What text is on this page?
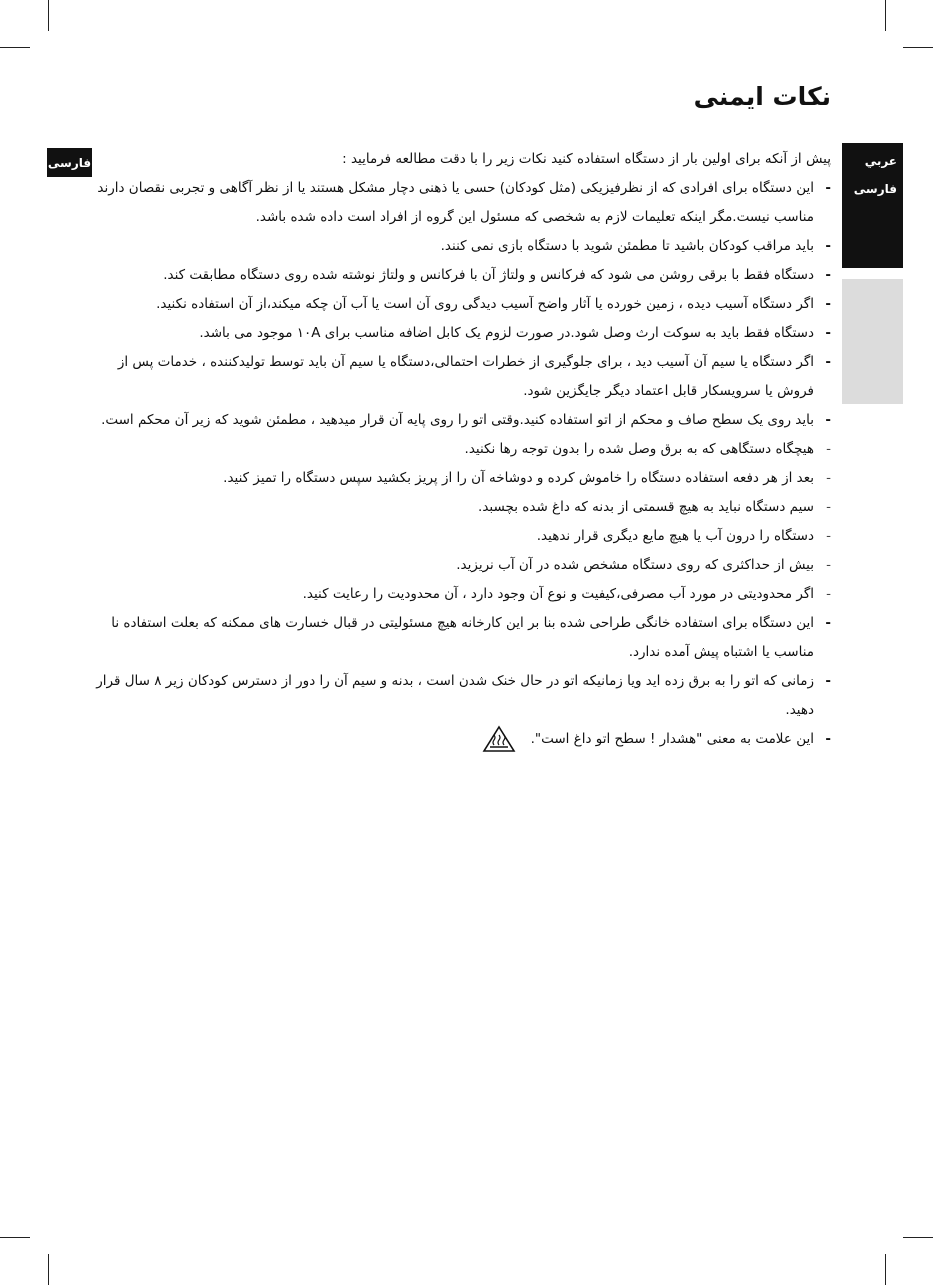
نکات ایمنی
عربي
فارسی
فارسی	پیش از آنکه برای اولین بار از دستگاه استفاده کنید نکات زیر را با دقت مطالعه فرمایید :

-
این دستگاه برای افرادی که از نظرفیزیکی (مثل کودکان) حسی یا ذهنی دچار مشکل هستند یا از نظر آگاهی و تجربی نقصان دارند مناسب نیست.مگر اینکه تعلیمات لازم به شخصی که مسئول این گروه از افراد است داده شده باشد.
-
باید مراقب کودکان باشید تا مطمئن شوید با دستگاه بازی نمی کنند.
-
دستگاه فقط با برقی روشن می شود که فرکانس و ولتاژ آن با فرکانس و ولتاژ نوشته شده روی دستگاه مطابقت کند.
-
اگر دستگاه آسیب دیده ، زمین خورده یا آثار واضح آسیب دیدگی روی آن است یا آب آن چکه میکند،از آن استفاده نکنید.
-
دستگاه فقط باید به سوکت ارث وصل شود.در صورت لزوم یک کابل اضافه مناسب برای ۱۰A موجود می باشد.
-
اگر دستگاه یا سیم آن آسیب دید ، برای جلوگیری از خطرات احتمالی،دستگاه یا سیم آن باید توسط تولیدکننده ، خدمات پس از فروش یا سرویسکار قابل اعتماد دیگر جایگزین شود.
-
باید روی یک سطح صاف و محکم از اتو استفاده کنید.وقتی اتو را روی پایه آن قرار میدهید ، مطمئن شوید که زیر آن محکم است.
-
هیچگاه دستگاهی که به برق وصل شده را بدون توجه رها نکنید.
-
بعد از هر دفعه استفاده دستگاه را خاموش کرده و دوشاخه آن را از پریز بکشید سپس دستگاه را تمیز کنید.
-
سیم دستگاه نباید به هیچ قسمتی از بدنه که داغ شده بچسبد.
-
دستگاه را درون آب یا هیچ مایع دیگری قرار ندهید.
-
بیش از حداکثری که روی دستگاه مشخص شده در آن آب نریزید.
-
اگر محدودیتی در مورد آب مصرفی،کیفیت و نوع آن وجود دارد ، آن محدودیت را رعایت کنید.
-
این دستگاه برای استفاده خانگی طراحی شده بنا بر این کارخانه هیچ مسئولیتی در قبال خسارت های ممکنه که بعلت استفاده نا مناسب یا اشتباه پیش آمده ندارد.
-
زمانی که اتو را به برق زده اید ویا زمانیکه اتو در حال خنک شدن است ، بدنه و سیم آن را دور از دسترس کودکان زیر ۸ سال قرار دهید.
-
این علامت به معنی "هشدار ! سطح اتو داغ است".
